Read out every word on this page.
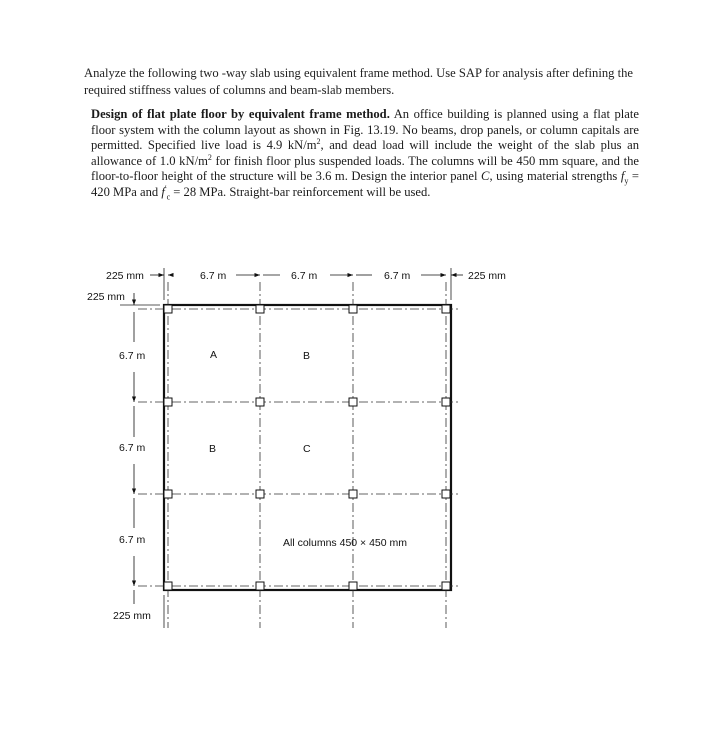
Analyze the following two -way slab using equivalent frame method. Use SAP for analysis after defining the required stiffness values of columns and beam-slab members.
Design of flat plate floor by equivalent frame method. An office building is planned using a flat plate floor system with the column layout as shown in Fig. 13.19. No beams, drop panels, or column capitals are permitted. Specified live load is 4.9 $kN/m^2$, and dead load will include the weight of the slab plus an allowance of 1.0 $kN/m^2$ for finish floor plus suspended loads. The columns will be 450 mm square, and the floor-to-floor height of the structure will be 3.6 m. Design the interior panel C, using material strengths $f_y = 420$ MPa and $f'_c = 28$ MPa. Straight-bar reinforcement will be used.
225 mm	6.7 m	6.7 m	6.7 m	225 mm
225 mm
6.7 m
6.7 m
6.7 m
225 mm
A	B
B	C
All columns 450 × 450 mm
